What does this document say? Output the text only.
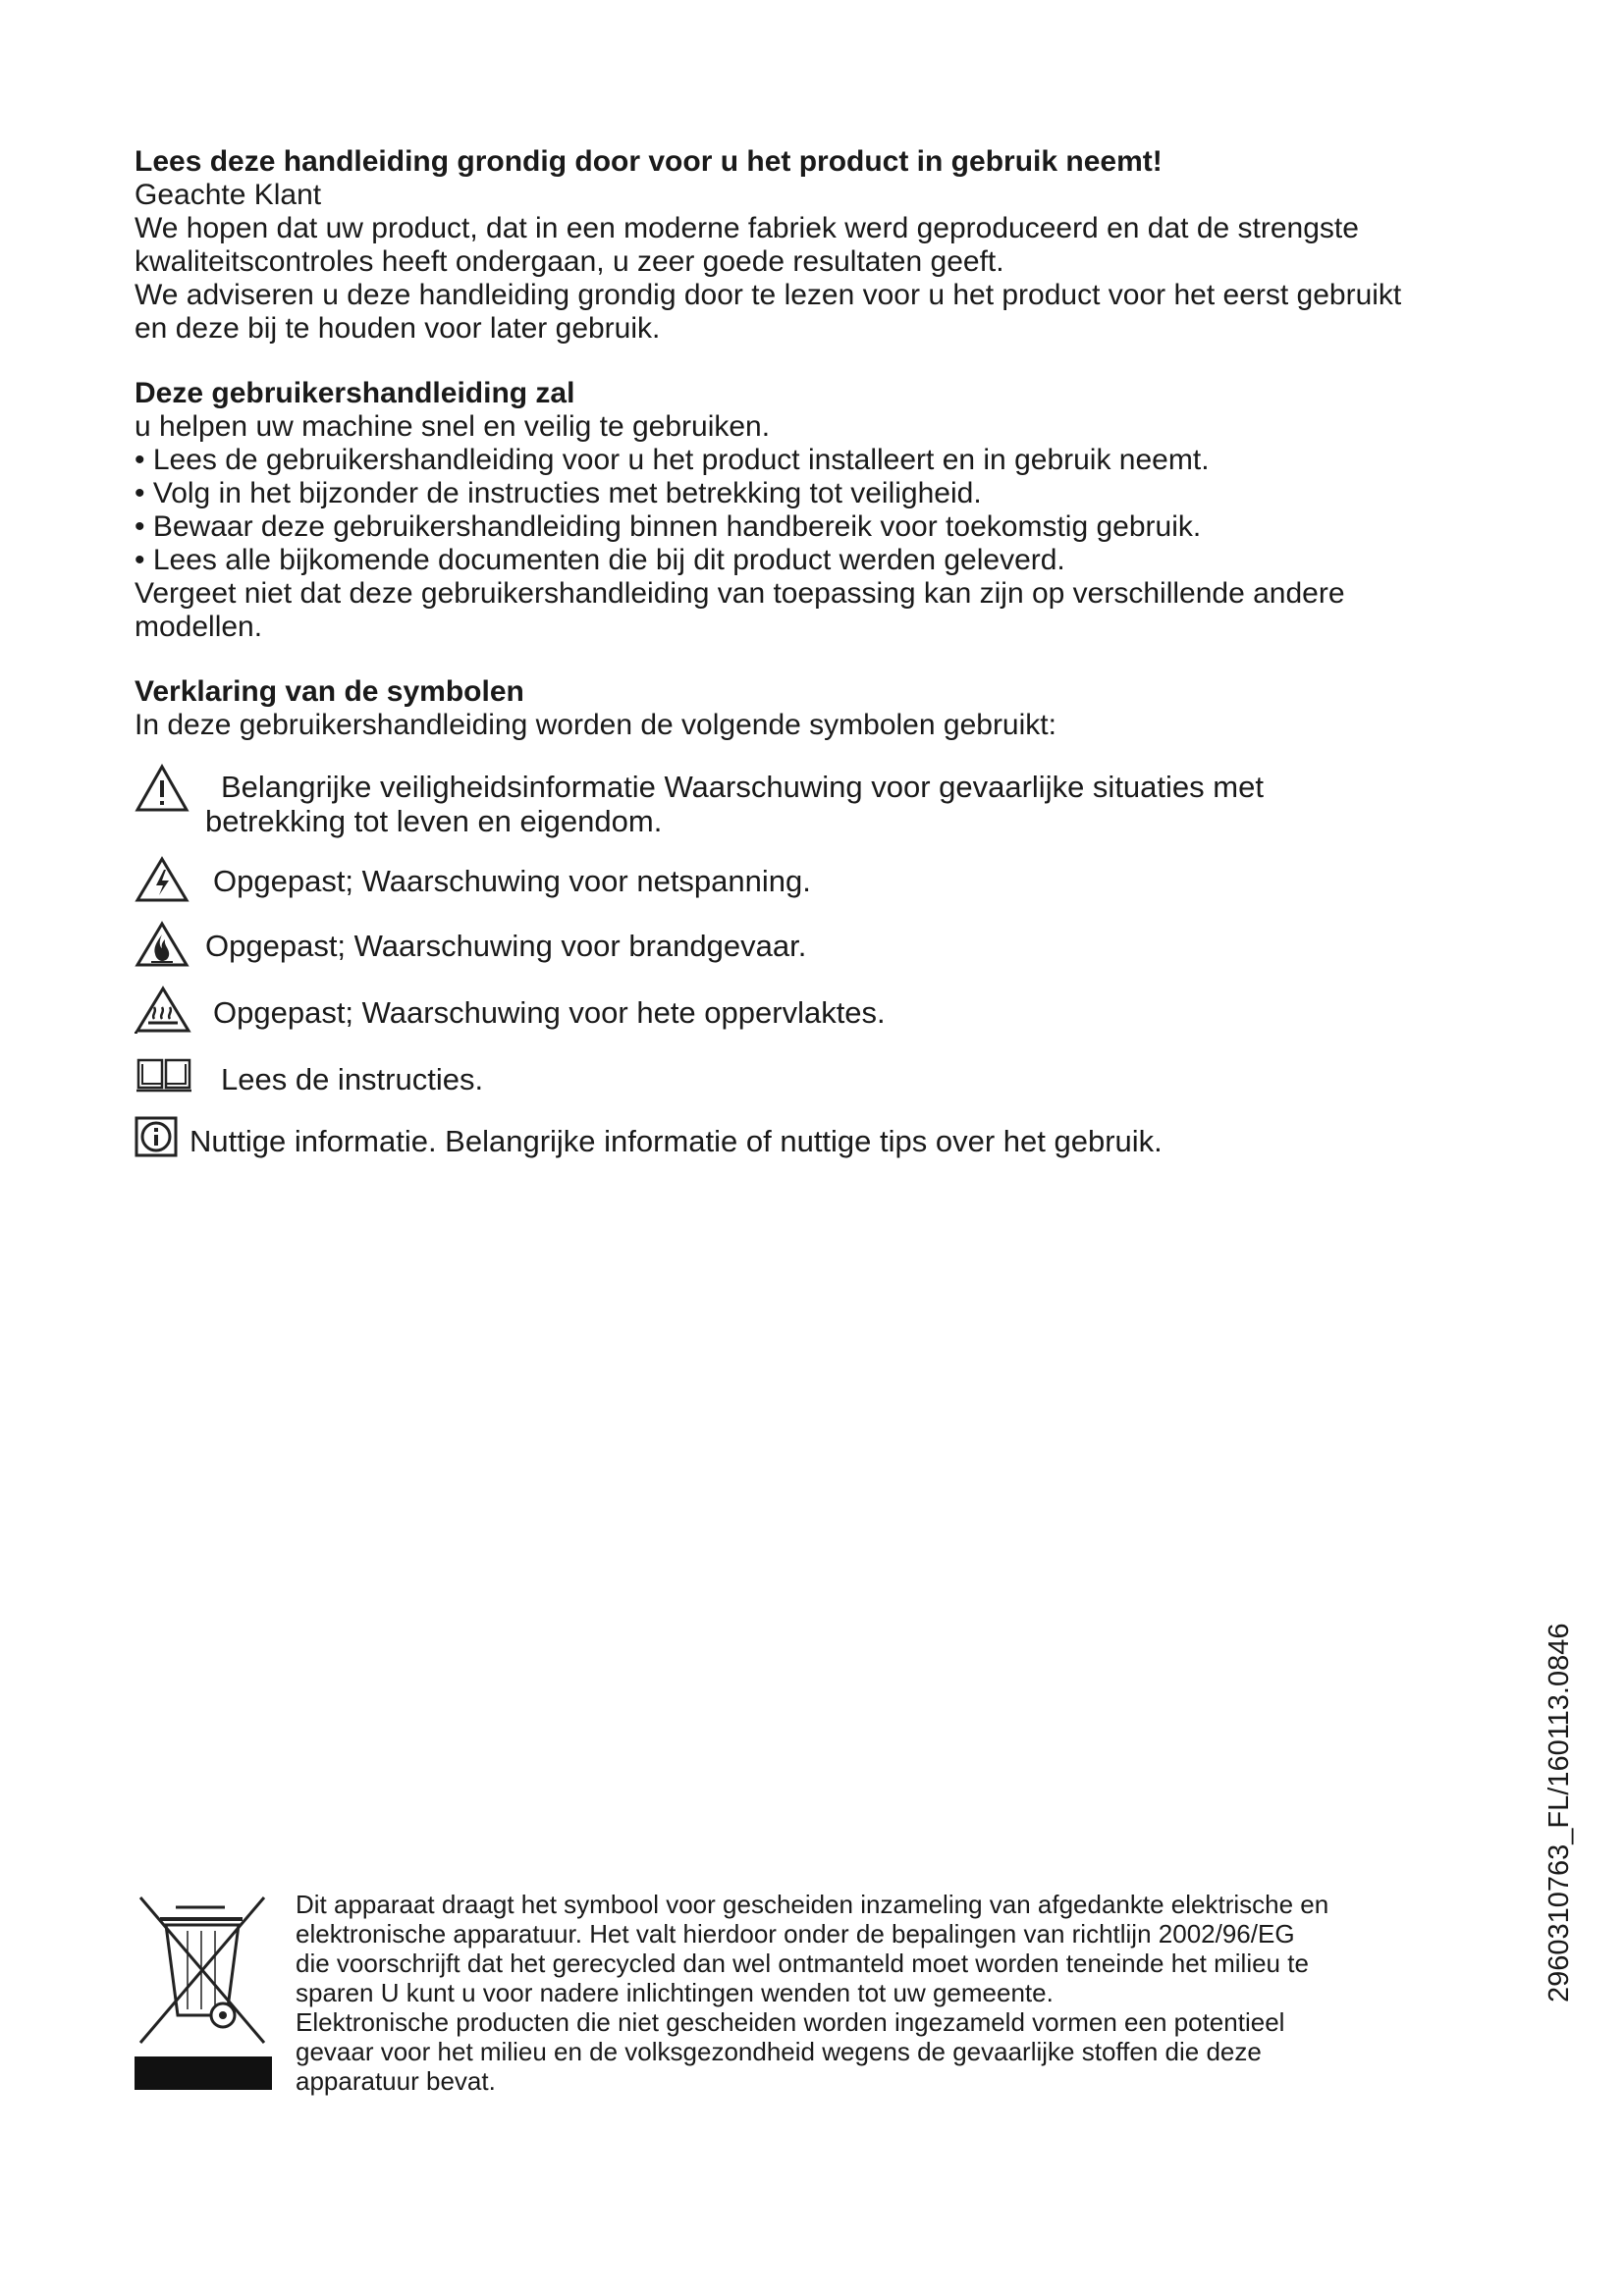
Lees deze handleiding grondig door voor u het product in gebruik neemt!

Geachte Klant

We hopen dat uw product, dat in een moderne fabriek werd geproduceerd en dat de strengste

kwaliteitscontroles heeft ondergaan, u zeer goede resultaten geeft.

We adviseren u deze handleiding grondig door te lezen voor u het product voor het eerst gebruikt

en deze bij te houden voor later gebruik.

Deze gebruikershandleiding zal

u helpen uw machine snel en veilig te gebruiken.

• Lees de gebruikershandleiding voor u het product installeert en in gebruik neemt.

• Volg in het bijzonder de instructies met betrekking tot veiligheid.

• Bewaar deze gebruikershandleiding binnen handbereik voor toekomstig gebruik.

• Lees alle bijkomende documenten die bij dit product werden geleverd.

Vergeet niet dat deze gebruikershandleiding van toepassing kan zijn op verschillende andere

modellen.

Verklaring van de symbolen

In deze gebruikershandleiding worden de volgende symbolen gebruikt:

Belangrijke veiligheidsinformatie Waarschuwing voor gevaarlijke situaties met
betrekking tot leven en eigendom.
Opgepast; Waarschuwing voor netspanning.
Opgepast; Waarschuwing voor brandgevaar.
Opgepast; Waarschuwing voor hete oppervlaktes.
Lees de instructies.
Nuttige informatie. Belangrijke informatie of nuttige tips over het gebruik.
Dit apparaat draagt het symbool voor gescheiden inzameling van afgedankte elektrische en
elektronische apparatuur. Het valt hierdoor onder de bepalingen van richtlijn 2002/96/EG
die voorschrijft dat het gerecycled dan wel ontmanteld moet worden teneinde het milieu te
sparen U kunt u voor nadere inlichtingen wenden tot uw gemeente.
Elektronische producten die niet gescheiden worden ingezameld vormen een potentieel
gevaar voor het milieu en de volksgezondheid wegens de gevaarlijke stoffen die deze
apparatuur bevat.
2960310763_FL/160113.0846
